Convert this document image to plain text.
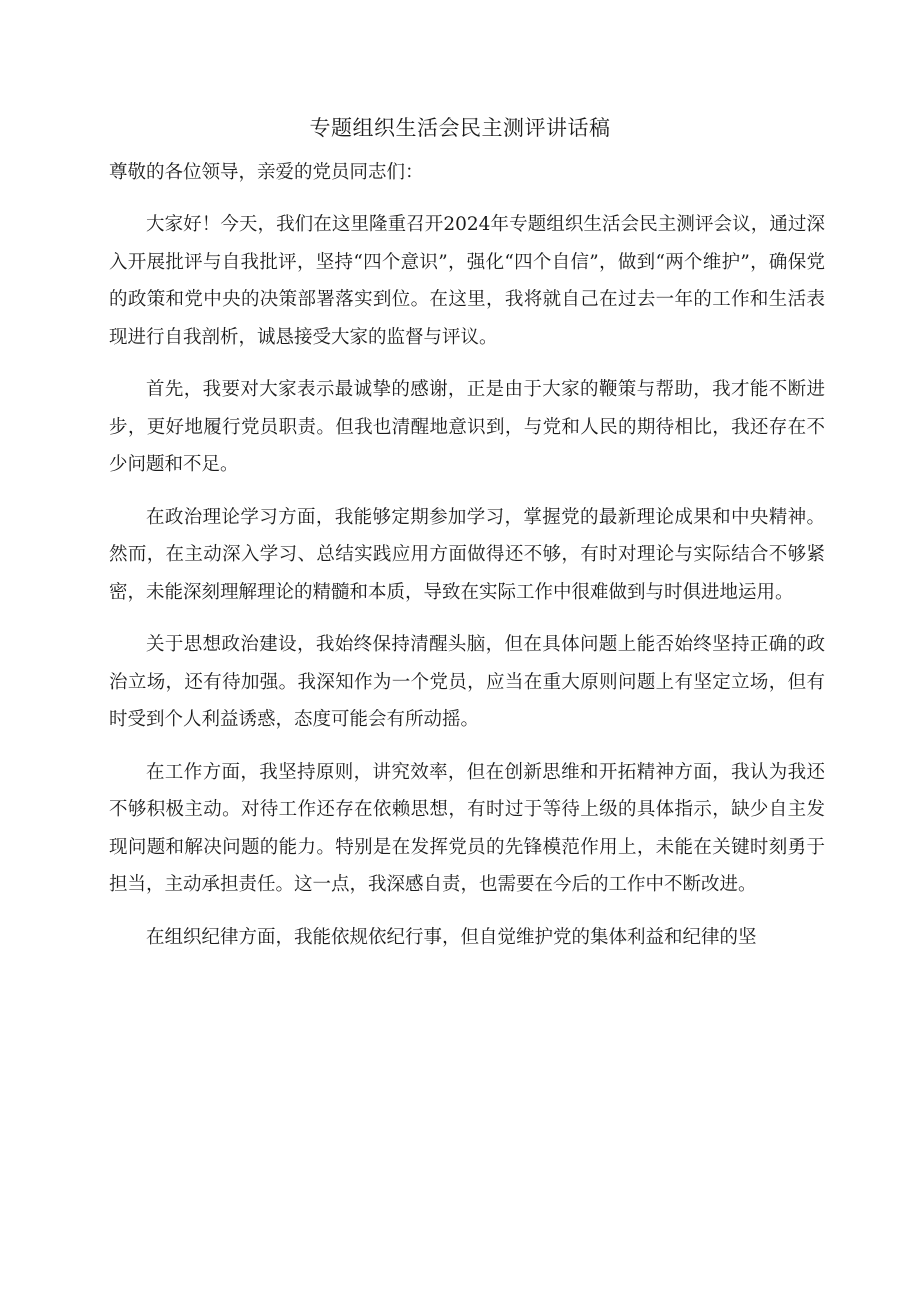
专题组织生活会民主测评讲话稿
尊敬的各位领导，亲爱的党员同志们：

大家好！今天，我们在这里隆重召开2024年专题组织生活会民主测评会议，通过深入开展批评与自我批评，坚持“四个意识”，强化“四个自信”，做到“两个维护”，确保党的政策和党中央的决策部署落实到位。在这里，我将就自己在过去一年的工作和生活表现进行自我剖析，诚恳接受大家的监督与评议。

首先，我要对大家表示最诚挚的感谢，正是由于大家的鞭策与帮助，我才能不断进步，更好地履行党员职责。但我也清醒地意识到，与党和人民的期待相比，我还存在不少问题和不足。

在政治理论学习方面，我能够定期参加学习，掌握党的最新理论成果和中央精神。然而，在主动深入学习、总结实践应用方面做得还不够，有时对理论与实际结合不够紧密，未能深刻理解理论的精髓和本质，导致在实际工作中很难做到与时俱进地运用。

关于思想政治建设，我始终保持清醒头脑，但在具体问题上能否始终坚持正确的政治立场，还有待加强。我深知作为一个党员，应当在重大原则问题上有坚定立场，但有时受到个人利益诱惑，态度可能会有所动摇。

在工作方面，我坚持原则，讲究效率，但在创新思维和开拓精神方面，我认为我还不够积极主动。对待工作还存在依赖思想，有时过于等待上级的具体指示，缺少自主发现问题和解决问题的能力。特别是在发挥党员的先锋模范作用上，未能在关键时刻勇于担当，主动承担责任。这一点，我深感自责，也需要在今后的工作中不断改进。

在组织纪律方面，我能依规依纪行事，但自觉维护党的集体利益和纪律的坚
